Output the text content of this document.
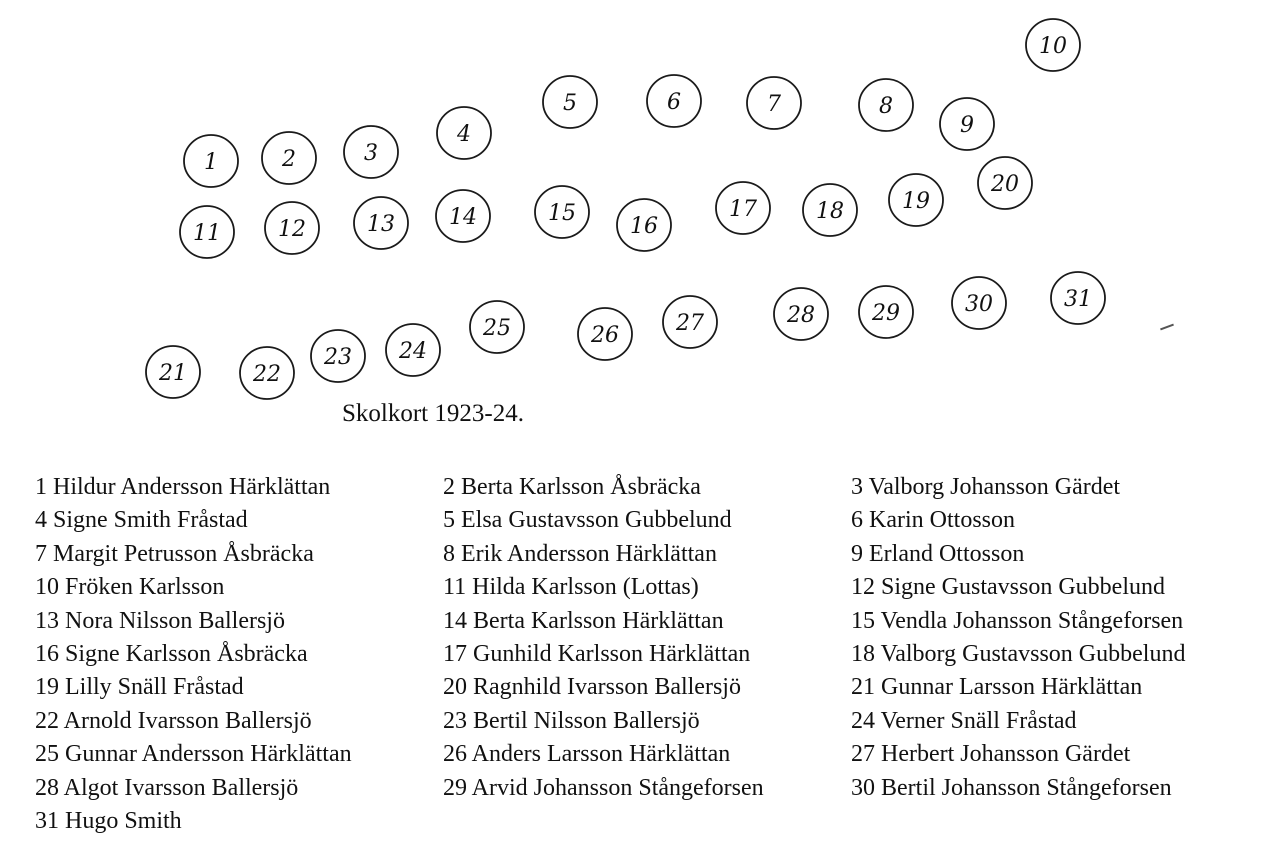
1	2	3
4
5	6	7	8
9
10
11	12	13 14	15
16
17	18	19
20
21	22
23 24
25	26	27	28	29	30	31

Skolkort 1923-24.

1 Hildur Andersson Härklättan	2 Berta Karlsson Åsbräcka	3 Valborg Johansson Gärdet
4 Signe Smith Fråstad	5 Elsa Gustavsson Gubbelund	6 Karin Ottosson
7 Margit Petrusson Åsbräcka	8 Erik Andersson Härklättan	9 Erland Ottosson
10 Fröken Karlsson	11 Hilda Karlsson (Lottas)	12 Signe Gustavsson Gubbelund
13 Nora Nilsson Ballersjö	14 Berta Karlsson Härklättan	15 Vendla Johansson Stångeforsen
16 Signe Karlsson Åsbräcka	17 Gunhild Karlsson Härklättan	18 Valborg Gustavsson Gubbelund
19 Lilly Snäll Fråstad	20 Ragnhild Ivarsson Ballersjö	21 Gunnar Larsson Härklättan
22 Arnold Ivarsson Ballersjö	23 Bertil Nilsson Ballersjö	24 Verner Snäll Fråstad
25 Gunnar Andersson Härklättan	26 Anders Larsson Härklättan	27 Herbert Johansson Gärdet
28 Algot Ivarsson Ballersjö	29 Arvid Johansson Stångeforsen	30 Bertil Johansson Stångeforsen
31 Hugo Smith
